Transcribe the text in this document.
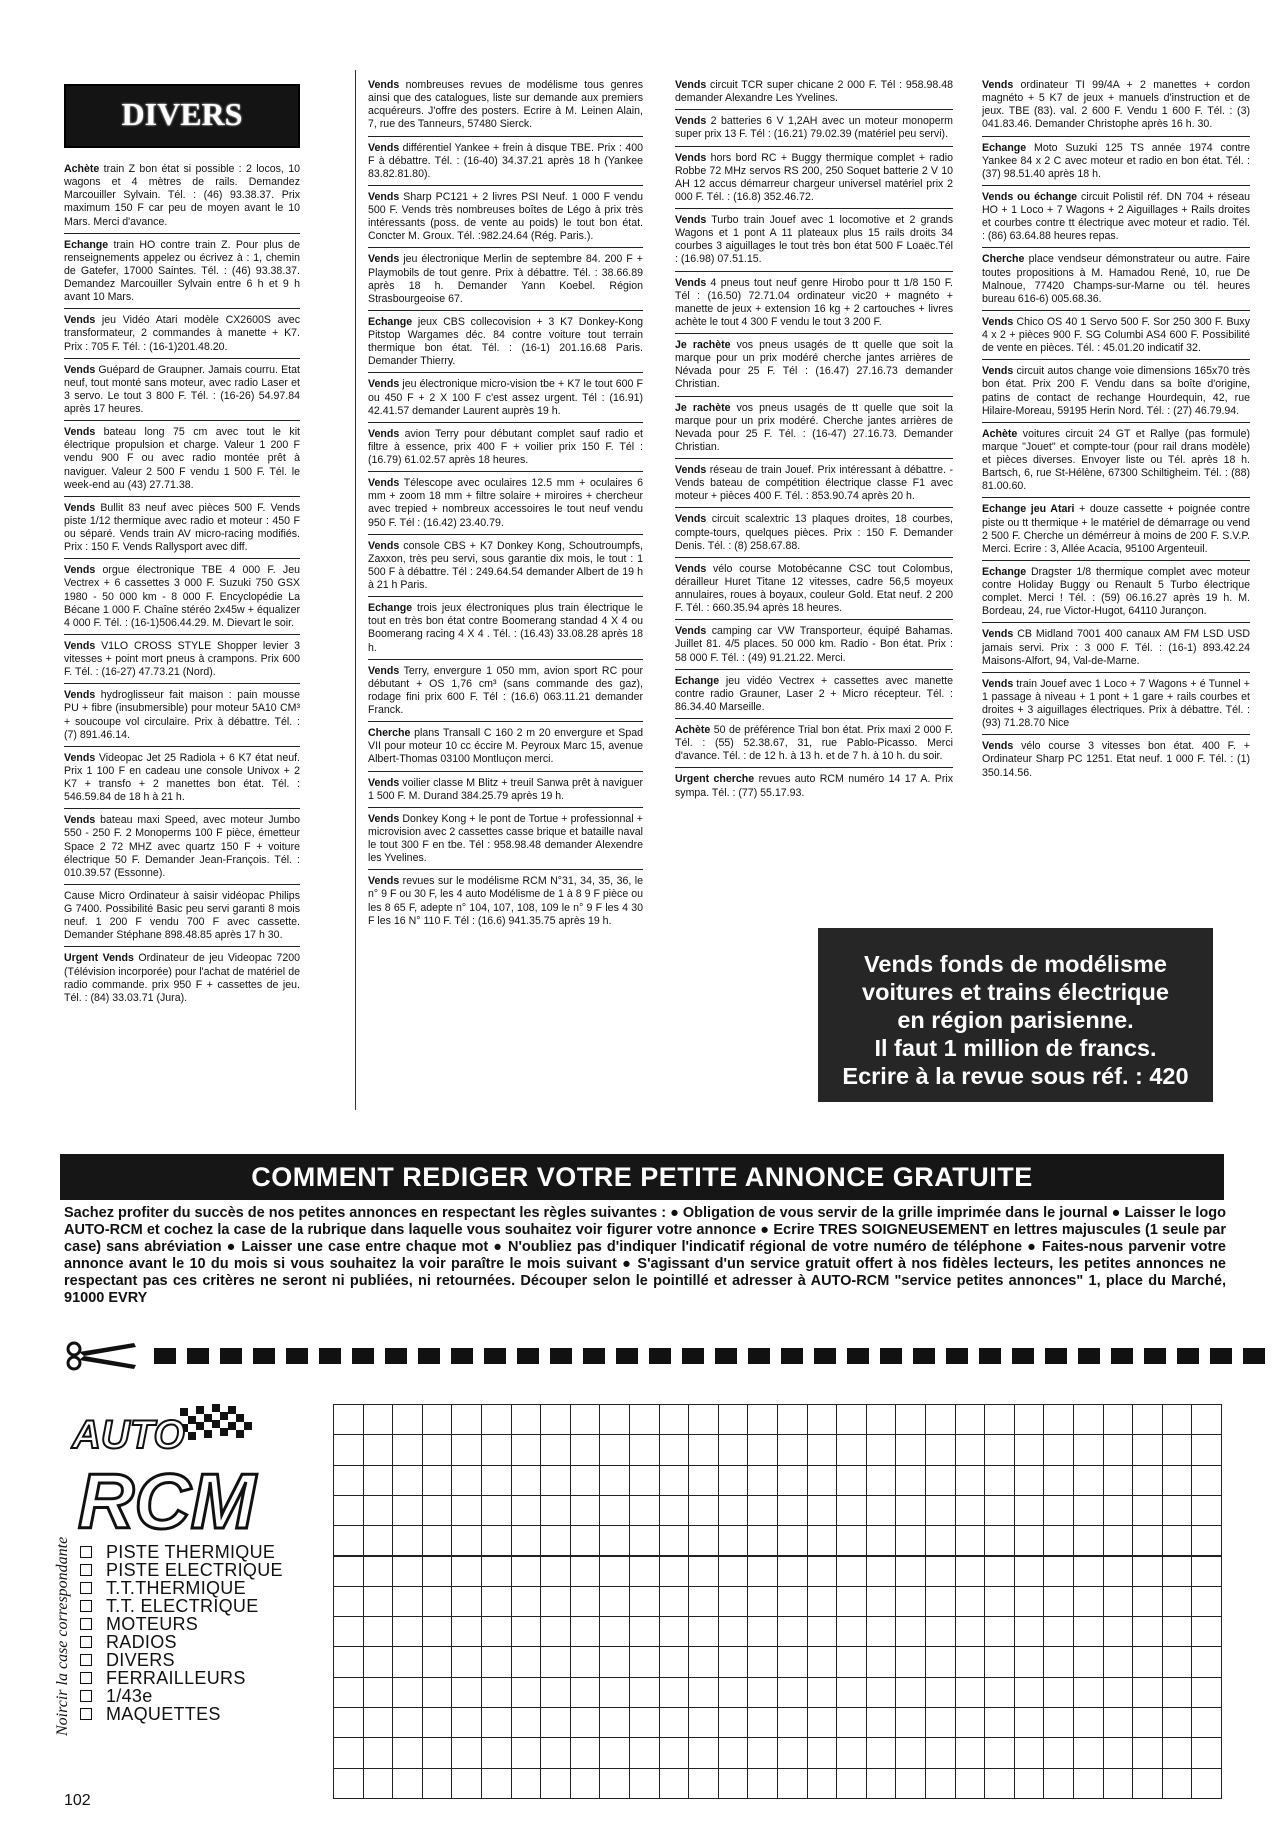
DIVERS
Achète train Z bon état si possible : 2 locos, 10 wagons et 4 mètres de rails. Demandez Marcouiller Sylvain. Tél. : (46) 93.38.37. Prix maximum 150 F car peu de moyen avant le 10 Mars. Merci d'avance.
Echange train HO contre train Z. Pour plus de renseignements appelez ou écrivez à : 1, chemin de Gatefer, 17000 Saintes. Tél. : (46) 93.38.37. Demandez Marcouiller Sylvain entre 6 h et 9 h avant 10 Mars.
Vends jeu Vidéo Atari modèle CX2600S avec transformateur, 2 commandes à manette + K7. Prix : 705 F. Tél. : (16-1)201.48.20.
Vends Guépard de Graupner. Jamais courru. Etat neuf, tout monté sans moteur, avec radio Laser et 3 servo. Le tout 3 800 F. Tél. : (16-26) 54.97.84 après 17 heures.
Vends bateau long 75 cm avec tout le kit électrique propulsion et charge. Valeur 1 200 F vendu 900 F ou avec radio montée prêt à naviguer. Valeur 2 500 F vendu 1 500 F. Tél. le week-end au (43) 27.71.38.
Vends Bullit 83 neuf avec pièces 500 F. Vends piste 1/12 thermique avec radio et moteur : 450 F ou séparé. Vends train AV micro-racing modifiés. Prix : 150 F. Vends Rallysport avec diff.
Vends orgue électronique TBE 4 000 F. Jeu Vectrex + 6 cassettes 3 000 F. Suzuki 750 GSX 1980 - 50 000 km - 8 000 F. Encyclopédie La Bécane 1 000 F. Chaîne stéréo 2x45w + équalizer 4 000 F. Tél. : (16-1)506.44.29. M. Dievart le soir.
Vends V1LO CROSS STYLE Shopper levier 3 vitesses + point mort pneus à crampons. Prix 600 F. Tél. : (16-27) 47.73.21 (Nord).
Vends hydroglisseur fait maison : pain mousse PU + fibre (insubmersible) pour moteur 5A10 CM³ + soucoupe vol circulaire. Prix à débattre. Tél. : (7) 891.46.14.
Vends Videopac Jet 25 Radiola + 6 K7 état neuf. Prix 1 100 F en cadeau une console Univox + 2 K7 + transfo + 2 manettes bon état. Tél. : 546.59.84 de 18 h à 21 h.
Vends bateau maxi Speed, avec moteur Jumbo 550 - 250 F. 2 Monoperms 100 F pièce, émetteur Space 2 72 MHZ avec quartz 150 F + voiture électrique 50 F. Demander Jean-François. Tél. : 010.39.57 (Essonne).
Cause Micro Ordinateur à saisir vidéopac Philips G 7400. Possibilité Basic peu servi garanti 8 mois neuf. 1 200 F vendu 700 F avec cassette. Demander Stéphane 898.48.85 après 17 h 30.
Urgent Vends Ordinateur de jeu Videopac 7200 (Télévision incorporée) pour l'achat de matériel de radio commande. prix 950 F + cassettes de jeu. Tél. : (84) 33.03.71 (Jura).
Vends nombreuses revues de modélisme tous genres ainsi que des catalogues, liste sur demande aux premiers acquéreurs. J'offre des posters. Ecrire à M. Leinen Alain, 7, rue des Tanneurs, 57480 Sierck.
Vends différentiel Yankee + frein à disque TBE. Prix : 400 F à débattre. Tél. : (16-40) 34.37.21 après 18 h (Yankee 83.82.81.80).
Vends Sharp PC121 + 2 livres PSI Neuf. 1 000 F vendu 500 F. Vends très nombreuses boîtes de Légo à prix très intéressants (poss. de vente au poids) le tout bon état. Concter M. Groux. Tél. :982.24.64 (Rég. Paris.).
Vends jeu électronique Merlin de septembre 84. 200 F + Playmobils de tout genre. Prix à débattre. Tél. : 38.66.89 après 18 h. Demander Yann Koebel. Région Strasbourgeoise 67.
Echange jeux CBS collecovision + 3 K7 Donkey-Kong Pitstop Wargames déc. 84 contre voiture tout terrain thermique bon état. Tél. : (16-1) 201.16.68 Paris. Demander Thierry.
Vends jeu électronique micro-vision tbe + K7 le tout 600 F ou 450 F + 2 X 100 F c'est assez urgent. Tél : (16.91) 42.41.57 demander Laurent auprès 19 h.
Vends avion Terry pour débutant complet sauf radio et filtre à essence, prix 400 F + voilier prix 150 F. Tél : (16.79) 61.02.57 après 18 heures.
Vends Télescope avec oculaires 12.5 mm + oculaires 6 mm + zoom 18 mm + filtre solaire + miroires + chercheur avec trepied + nombreux accessoires le tout neuf vendu 950 F. Tél : (16.42) 23.40.79.
Vends console CBS + K7 Donkey Kong, Schoutroumpfs, Zaxxon, très peu servi, sous garantie dix mois, le tout : 1 500 F à débattre. Tél : 249.64.54 demander Albert de 19 h à 21 h Paris.
Echange trois jeux électroniques plus train électrique le tout en très bon état contre Boomerang standad 4 X 4 ou Boomerang racing 4 X 4 . Tél. : (16.43) 33.08.28 après 18 h.
Vends Terry, envergure 1 050 mm, avion sport RC pour débutant + OS 1,76 cm³ (sans commande des gaz), rodage fini prix 600 F. Tél : (16.6) 063.11.21 demander Franck.
Cherche plans Transall C 160 2 m 20 envergure et Spad VII pour moteur 10 cc éccire M. Peyroux Marc 15, avenue Albert-Thomas 03100 Montluçon merci.
Vends voilier classe M Blitz + treuil Sanwa prêt à naviguer 1 500 F. M. Durand 384.25.79 après 19 h.
Vends Donkey Kong + le pont de Tortue + professionnal + microvision avec 2 cassettes casse brique et bataille naval le tout 300 F en tbe. Tél : 958.98.48 demander Alexendre les Yvelines.
Vends revues sur le modélisme RCM N°31, 34, 35, 36, le n° 9 F ou 30 F, les 4 auto Modélisme de 1 à 8 9 F pièce ou les 8 65 F, adepte n° 104, 107, 108, 109 le n° 9 F les 4 30 F les 16 N° 110 F. Tél : (16.6) 941.35.75 après 19 h.
Vends circuit TCR super chicane 2 000 F. Tél : 958.98.48 demander Alexandre Les Yvelines.
Vends 2 batteries 6 V 1,2AH avec un moteur monoperm super prix 13 F. Tél : (16.21) 79.02.39 (matériel peu servi).
Vends hors bord RC + Buggy thermique complet + radio Robbe 72 MHz servos RS 200, 250 Soquet batterie 2 V 10 AH 12 accus démarreur chargeur universel matériel prix 2 000 F. Tél. : (16.8) 352.46.72.
Vends Turbo train Jouef avec 1 locomotive et 2 grands Wagons et 1 pont A 11 plateaux plus 15 rails droits 34 courbes 3 aiguillages le tout très bon état 500 F Loaëc.Tél : (16.98) 07.51.15.
Vends 4 pneus tout neuf genre Hirobo pour tt 1/8 150 F. Tél : (16.50) 72.71.04 ordinateur vic20 + magnéto + manette de jeux + extension 16 kg + 2 cartouches + livres achète le tout 4 300 F vendu le tout 3 200 F.
Je rachète vos pneus usagés de tt quelle que soit la marque pour un prix modéré cherche jantes arrières de Névada pour 25 F. Tél : (16.47) 27.16.73 demander Christian.
Je rachète vos pneus usagés de tt quelle que soit la marque pour un prix modéré. Cherche jantes arrières de Nevada pour 25 F. Tél. : (16-47) 27.16.73. Demander Christian.
Vends réseau de train Jouef. Prix intéressant à débattre. - Vends bateau de compétition électrique classe F1 avec moteur + pièces 400 F. Tél. : 853.90.74 après 20 h.
Vends circuit scalextric 13 plaques droites, 18 courbes, compte-tours, quelques pièces. Prix : 150 F. Demander Denis. Tél. : (8) 258.67.88.
Vends vélo course Motobécanne CSC tout Colombus, dérailleur Huret Titane 12 vitesses, cadre 56,5 moyeux annulaires, roues à boyaux, couleur Gold. Etat neuf. 2 200 F. Tél. : 660.35.94 après 18 heures.
Vends camping car VW Transporteur, équipé Bahamas. Juillet 81. 4/5 places. 50 000 km. Radio - Bon état. Prix : 58 000 F. Tél. : (49) 91.21.22. Merci.
Echange jeu vidéo Vectrex + cassettes avec manette contre radio Grauner, Laser 2 + Micro récepteur. Tél. : 86.34.40 Marseille.
Achète 50 de préférence Trial bon état. Prix maxi 2 000 F. Tél. : (55) 52.38.67, 31, rue Pablo-Picasso. Merci d'avance. Tél. : de 12 h. à 13 h. et de 7 h. à 10 h. du soir.
Urgent cherche revues auto RCM numéro 14 17 A. Prix sympa. Tél. : (77) 55.17.93.
Vends ordinateur TI 99/4A + 2 manettes + cordon magnéto + 5 K7 de jeux + manuels d'instruction et de jeux. TBE (83). val. 2 600 F. Vendu 1 600 F. Tél. : (3) 041.83.46. Demander Christophe après 16 h. 30.
Echange Moto Suzuki 125 TS année 1974 contre Yankee 84 x 2 C avec moteur et radio en bon état. Tél. : (37) 98.51.40 après 18 h.
Vends ou échange circuit Polistil réf. DN 704 + réseau HO + 1 Loco + 7 Wagons + 2 Aiguillages + Rails droites et courbes contre tt électrique avec moteur et radio. Tél. : (86) 63.64.88 heures repas.
Cherche place vendseur démonstrateur ou autre. Faire toutes propositions à M. Hamadou René, 10, rue De Malnoue, 77420 Champs-sur-Marne ou tél. heures bureau 616-6) 005.68.36.
Vends Chico OS 40 1 Servo 500 F. Sor 250 300 F. Buxy 4 x 2 + pièces 900 F. SG Columbi AS4 600 F. Possibilité de vente en pièces. Tél. : 45.01.20 indicatif 32.
Vends circuit autos change voie dimensions 165x70 très bon état. Prix 200 F. Vendu dans sa boîte d'origine, patins de contact de rechange Hourdequin, 42, rue Hilaire-Moreau, 59195 Herin Nord. Tél. : (27) 46.79.94.
Achète voitures circuit 24 GT et Rallye (pas formule) marque "Jouet" et compte-tour (pour rail drans modèle) et pièces diverses. Envoyer liste ou Tél. après 18 h. Bartsch, 6, rue St-Hélène, 67300 Schiltigheim. Tél. : (88) 81.00.60.
Echange jeu Atari + douze cassette + poignée contre piste ou tt thermique + le matériel de démarrage ou vend 2 500 F. Cherche un démérreur à moins de 200 F. S.V.P. Merci. Ecrire : 3, Allée Acacia, 95100 Argenteuil.
Echange Dragster 1/8 thermique complet avec moteur contre Holiday Buggy ou Renault 5 Turbo électrique complet. Merci ! Tél. : (59) 06.16.27 après 19 h. M. Bordeau, 24, rue Victor-Hugot, 64110 Jurançon.
Vends CB Midland 7001 400 canaux AM FM LSD USD jamais servi. Prix : 3 000 F. Tél. : (16-1) 893.42.24 Maisons-Alfort, 94, Val-de-Marne.
Vends train Jouef avec 1 Loco + 7 Wagons + é Tunnel + 1 passage à niveau + 1 pont + 1 gare + rails courbes et droites + 3 aiguillages électriques. Prix à débattre. Tél. : (93) 71.28.70 Nice
Vends vélo course 3 vitesses bon état. 400 F. + Ordinateur Sharp PC 1251. Etat neuf. 1 000 F. Tél. : (1) 350.14.56.
Vends fonds de modélisme
voitures et trains électrique
en région parisienne.
Il faut 1 million de francs.
Ecrire à la revue sous réf. : 420
COMMENT REDIGER VOTRE PETITE ANNONCE GRATUITE
Sachez profiter du succès de nos petites annonces en respectant les règles suivantes : ● Obligation de vous servir de la grille imprimée dans le journal ● Laisser le logo AUTO-RCM et cochez la case de la rubrique dans laquelle vous souhaitez voir figurer votre annonce ● Ecrire TRES SOIGNEUSEMENT en lettres majuscules (1 seule par case) sans abréviation ● Laisser une case entre chaque mot ● N'oubliez pas d'indiquer l'indicatif régional de votre numéro de téléphone ● Faites-nous parvenir votre annonce avant le 10 du mois si vous souhaitez la voir paraître le mois suivant ● S'agissant d'un service gratuit offert à nos fidèles lecteurs, les petites annonces ne respectant pas ces critères ne seront ni publiées, ni retournées. Découper selon le pointillé et adresser à AUTO-RCM "service petites annonces" 1, place du Marché, 91000 EVRY
AUTO
RCM
PISTE THERMIQUE
PISTE ELECTRIQUE
T.T.THERMIQUE
T.T. ELECTRIQUE
MOTEURS
RADIOS
DIVERS
FERRAILLEURS
1/43e
MAQUETTES
Noircir la case correspondante
102
